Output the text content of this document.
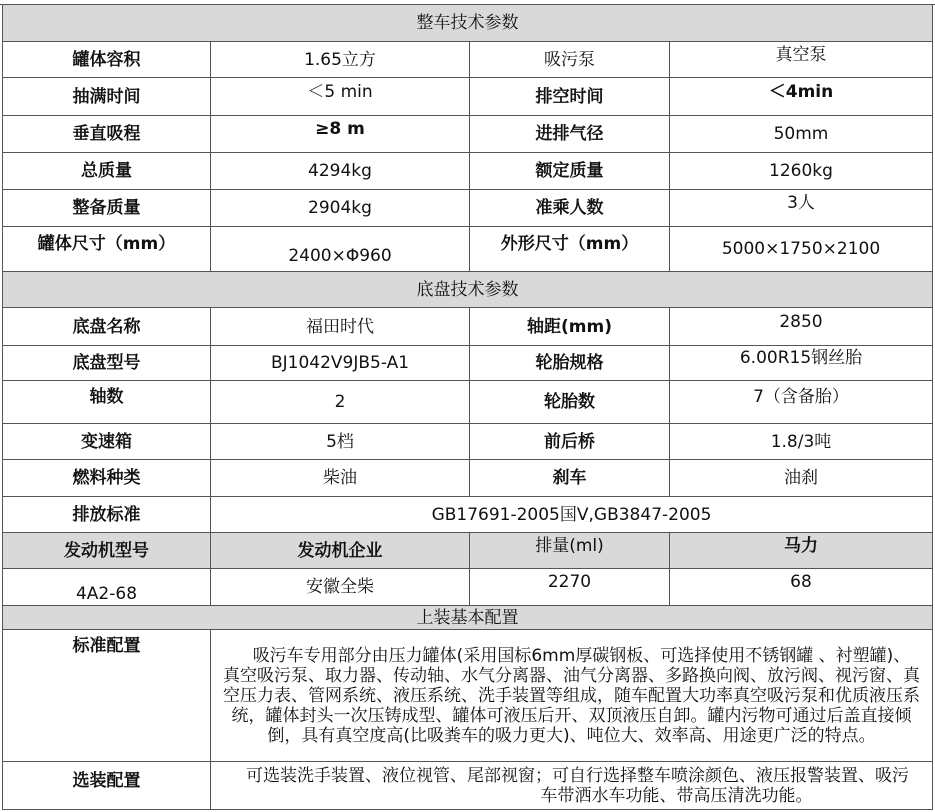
整车技术参数			
罐体容积	1.65立方	吸污泵	真空泵
抽满时间	＜5 min	排空时间	＜4min
垂直吸程	≥8 m	进排气径	50mm
总质量	4294kg	额定质量	1260kg
整备质量	2904kg	准乘人数	3人
罐体尺寸（mm）	2400×Φ960	外形尺寸（mm）	5000×1750×2100
底盘技术参数			
底盘名称	福田时代	轴距(mm)	2850
底盘型号	BJ1042V9JB5-A1	轮胎规格	6.00R15钢丝胎
轴数	2	轮胎数	7（含备胎）
变速箱	5档	前后桥	1.8/3吨
燃料种类	柴油	刹车	油刹
排放标准	GB17691-2005国Ⅴ,GB3847-2005		
发动机型号	发动机企业	排量(ml)	马力
4A2-68	安徽全柴	2270	68
上装基本配置			
标准配置	吸污车专用部分由压力罐体(采用国标6mm厚碳钢板、可选择使用不锈钢罐 、衬塑罐)、
真空吸污泵、取力器、传动轴、水气分离器、油气分离器、多路换向阀、放污阀、视污窗、真空压力表、管网系统、液压系统、洗手装置等组成，随车配置大功率真空吸污泵和优质液压系统，罐体封头一次压铸成型、罐体可液压后开、双顶液压自卸。罐内污物可通过后盖直接倾倒，具有真空度高(比吸粪车的吸力更大)、吨位大、效率高、用途更广泛的特点。		
选装配置	可选装洗手装置、液位视管、尾部视窗；可自行选择整车喷涂颜色、液压报警装置、吸污
车带洒水车功能、带高压清洗功能。		
